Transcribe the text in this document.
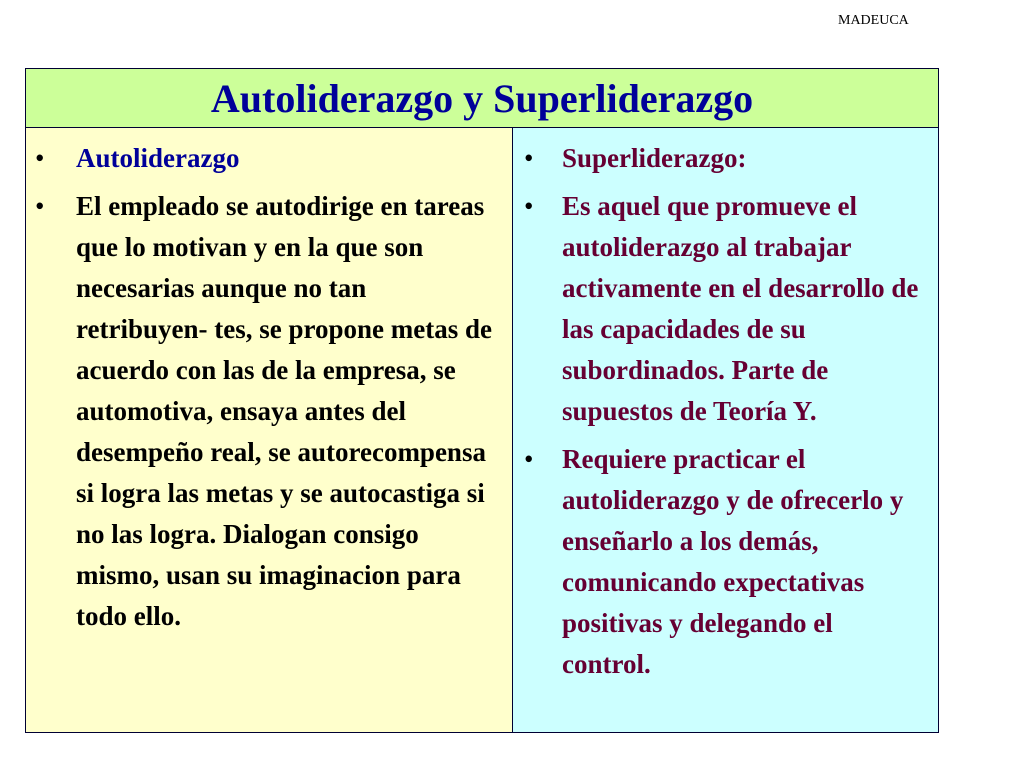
MADEUCA
Autoliderazgo y Superliderazgo
• Autoliderazgo
• El empleado se autodirige en tareas que lo motivan y en la que son necesarias aunque no tan retribuyen- tes, se propone metas de acuerdo con las de la empresa, se automotiva, ensaya antes del desempeño real, se autorecompensa si logra las metas y se autocastiga si no las logra. Dialogan consigo mismo, usan su imaginacion para todo ello.
• Superliderazgo:
• Es aquel que promueve el autoliderazgo al trabajar activamente en el desarrollo de las capacidades de su subordinados. Parte de supuestos de Teoría Y.
• Requiere practicar el autoliderazgo y de ofrecerlo y enseñarlo a los demás, comunicando expectativas positivas y delegando el control.
